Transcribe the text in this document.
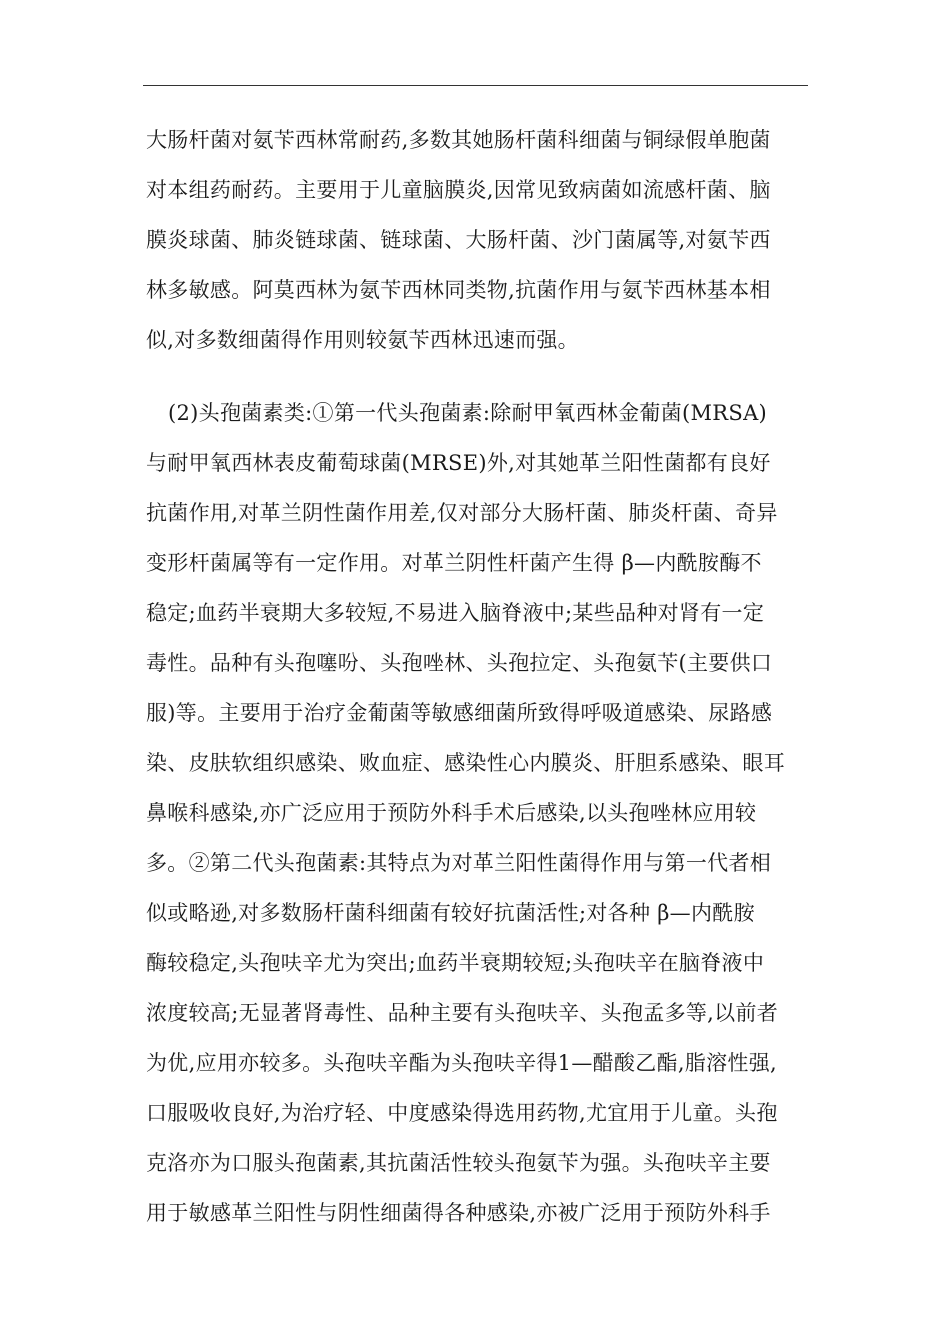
大肠杆菌对氨苄西林常耐药,多数其她肠杆菌科细菌与铜绿假单胞菌
对本组药耐药。主要用于儿童脑膜炎,因常见致病菌如流感杆菌、脑
膜炎球菌、肺炎链球菌、链球菌、大肠杆菌、沙门菌属等,对氨苄西
林多敏感。阿莫西林为氨苄西林同类物,抗菌作用与氨苄西林基本相
似,对多数细菌得作用则较氨苄西林迅速而强。
(2)头孢菌素类:①第一代头孢菌素:除耐甲氧西林金葡菌(MRSA)
与耐甲氧西林表皮葡萄球菌(MRSE)外,对其她革兰阳性菌都有良好
抗菌作用,对革兰阴性菌作用差,仅对部分大肠杆菌、肺炎杆菌、奇异
变形杆菌属等有一定作用。对革兰阴性杆菌产生得 β—内酰胺酶不
稳定;血药半衰期大多较短,不易进入脑脊液中;某些品种对肾有一定
毒性。品种有头孢噻吩、头孢唑林、头孢拉定、头孢氨苄(主要供口
服)等。主要用于治疗金葡菌等敏感细菌所致得呼吸道感染、尿路感
染、皮肤软组织感染、败血症、感染性心内膜炎、肝胆系感染、眼耳
鼻喉科感染,亦广泛应用于预防外科手术后感染,以头孢唑林应用较
多。②第二代头孢菌素:其特点为对革兰阳性菌得作用与第一代者相
似或略逊,对多数肠杆菌科细菌有较好抗菌活性;对各种 β—内酰胺
酶较稳定,头孢呋辛尤为突出;血药半衰期较短;头孢呋辛在脑脊液中
浓度较高;无显著肾毒性、品种主要有头孢呋辛、头孢孟多等,以前者
为优,应用亦较多。头孢呋辛酯为头孢呋辛得1—醋酸乙酯,脂溶性强,
口服吸收良好,为治疗轻、中度感染得选用药物,尤宜用于儿童。头孢
克洛亦为口服头孢菌素,其抗菌活性较头孢氨苄为强。头孢呋辛主要
用于敏感革兰阳性与阴性细菌得各种感染,亦被广泛用于预防外科手
